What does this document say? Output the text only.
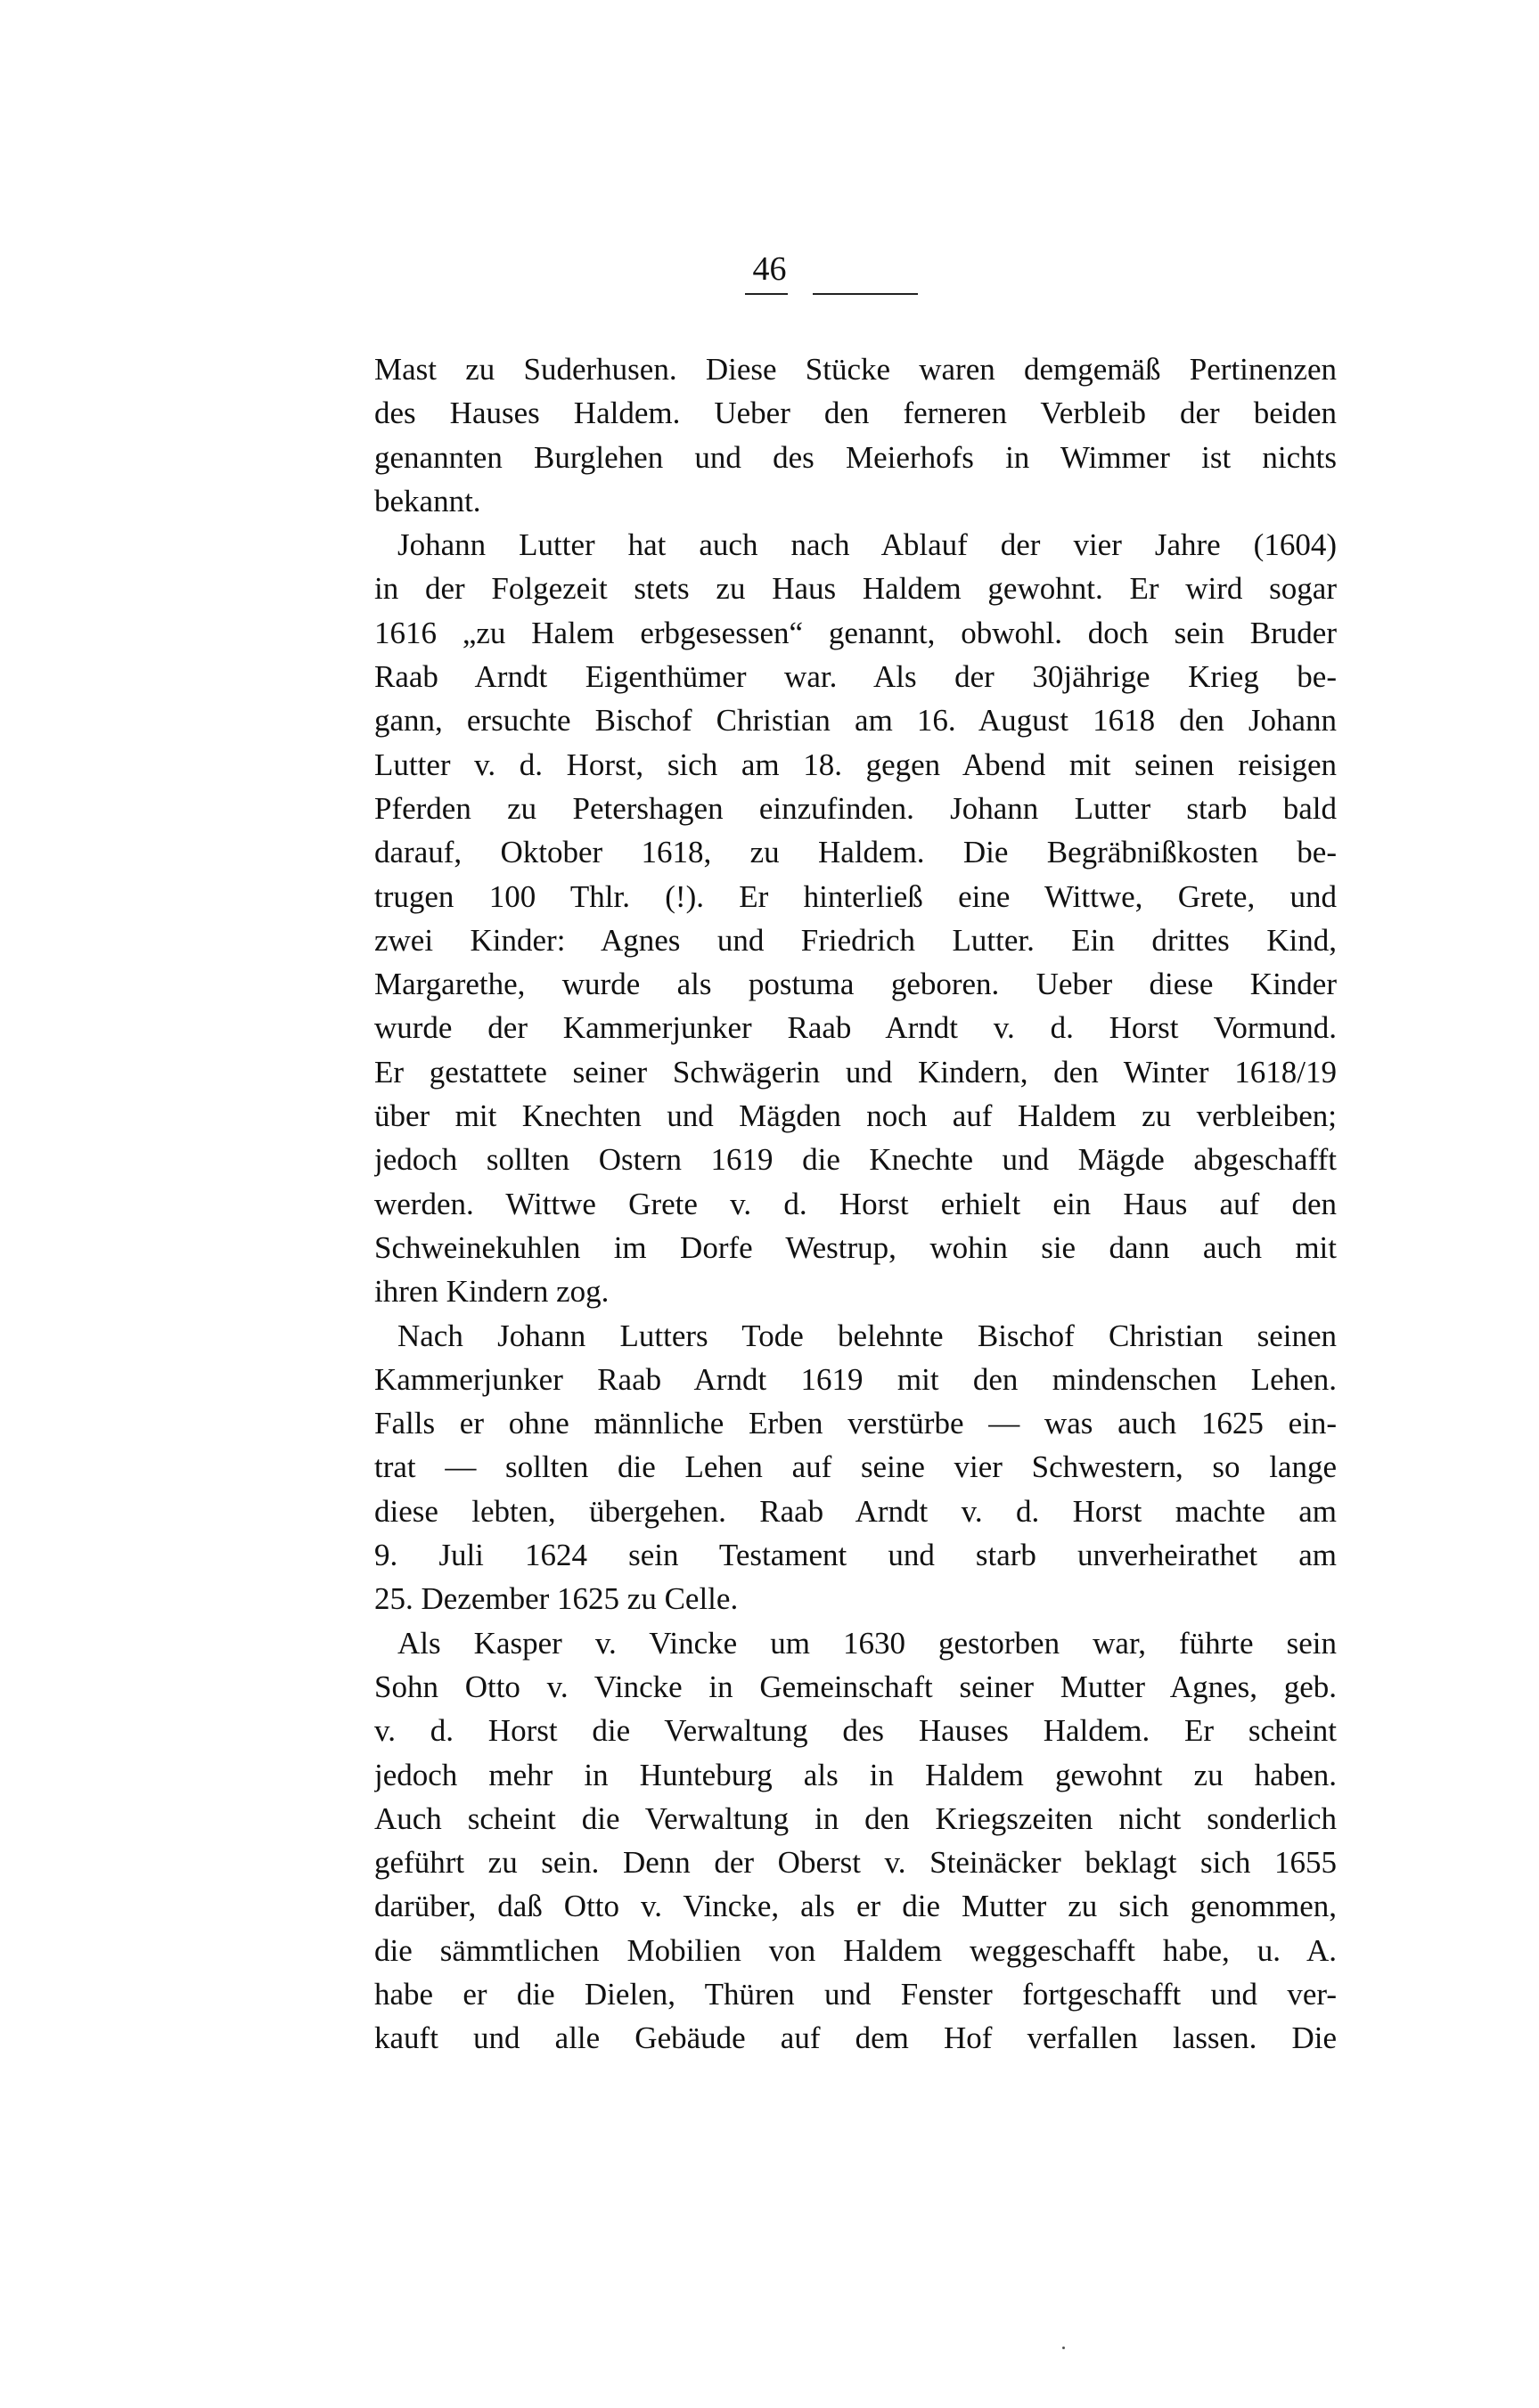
46
Mast zu Suderhusen. Diese Stücke waren demgemäß Pertinenzen
des Hauses Haldem. Ueber den ferneren Verbleib der beiden
genannten Burglehen und des Meierhofs in Wimmer ist nichts
bekannt.
Johann Lutter hat auch nach Ablauf der vier Jahre (1604)
in der Folgezeit stets zu Haus Haldem gewohnt. Er wird sogar
1616 „zu Halem erbgesessen“ genannt, obwohl. doch sein Bruder
Raab Arndt Eigenthümer war. Als der 30jährige Krieg be-
gann, ersuchte Bischof Christian am 16. August 1618 den Johann
Lutter v. d. Horst, sich am 18. gegen Abend mit seinen reisigen
Pferden zu Petershagen einzufinden. Johann Lutter starb bald
darauf, Oktober 1618, zu Haldem. Die Begräbnißkosten be-
trugen 100 Thlr. (!). Er hinterließ eine Wittwe, Grete, und
zwei Kinder: Agnes und Friedrich Lutter. Ein drittes Kind,
Margarethe, wurde als postuma geboren. Ueber diese Kinder
wurde der Kammerjunker Raab Arndt v. d. Horst Vormund.
Er gestattete seiner Schwägerin und Kindern, den Winter 1618/19
über mit Knechten und Mägden noch auf Haldem zu verbleiben;
jedoch sollten Ostern 1619 die Knechte und Mägde abgeschafft
werden. Wittwe Grete v. d. Horst erhielt ein Haus auf den
Schweinekuhlen im Dorfe Westrup, wohin sie dann auch mit
ihren Kindern zog.
Nach Johann Lutters Tode belehnte Bischof Christian seinen
Kammerjunker Raab Arndt 1619 mit den mindenschen Lehen.
Falls er ohne männliche Erben verstürbe — was auch 1625 ein-
trat — sollten die Lehen auf seine vier Schwestern, so lange
diese lebten, übergehen. Raab Arndt v. d. Horst machte am
9. Juli 1624 sein Testament und starb unverheirathet am
25. Dezember 1625 zu Celle.
Als Kasper v. Vincke um 1630 gestorben war, führte sein
Sohn Otto v. Vincke in Gemeinschaft seiner Mutter Agnes, geb.
v. d. Horst die Verwaltung des Hauses Haldem. Er scheint
jedoch mehr in Hunteburg als in Haldem gewohnt zu haben.
Auch scheint die Verwaltung in den Kriegszeiten nicht sonderlich
geführt zu sein. Denn der Oberst v. Steinäcker beklagt sich 1655
darüber, daß Otto v. Vincke, als er die Mutter zu sich genommen,
die sämmtlichen Mobilien von Haldem weggeschafft habe, u. A.
habe er die Dielen, Thüren und Fenster fortgeschafft und ver-
kauft und alle Gebäude auf dem Hof verfallen lassen. Die
